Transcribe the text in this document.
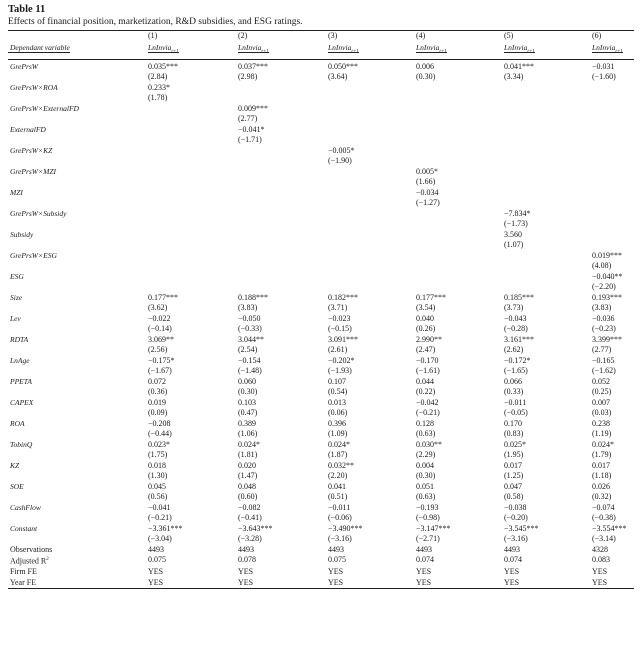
Table 11
Effects of financial position, marketization, R&D subsidies, and ESG ratings.
	(1)	(2)	(3)	(4)	(5)	(6)
Dependant variable	LnInvia$_{t+1}$	LnInvia$_{t+1}$	LnInvia$_{t+1}$	LnInvia$_{t+1}$	LnInvia$_{t+1}$	LnInvia$_{t+1}$

GrePrsW	0.035***	0.037***	0.050***	0.006	0.041***	−0.031
	(2.84)	(2.98)	(3.64)	(0.30)	(3.34)	(−1.60)
GrePrsW×ROA	0.233*					
	(1.78)					
GrePrsW×ExternalFD		0.009***				
		(2.77)				
ExternalFD		−0.041*				
		(−1.71)				
GrePrsW×KZ			−0.005*			
			(−1.90)			
GrePrsW×MZI				0.005*		
				(1.66)		
MZI				−0.034		
				(−1.27)		
GrePrsW×Subsidy					−7.834*	
					(−1.73)	
Subsidy					3.560	
					(1.07)	
GrePrsW×ESG						0.019***
						(4.08)
ESG						−0.040**
						(−2.20)
Size	0.177***	0.188***	0.182***	0.177***	0.185***	0.193***
	(3.62)	(3.83)	(3.71)	(3.54)	(3.73)	(3.83)
Lev	−0.022	−0.050	−0.023	0.040	−0.043	−0.036
	(−0.14)	(−0.33)	(−0.15)	(0.26)	(−0.28)	(−0.23)
RDTA	3.069**	3.044**	3.091***	2.990**	3.161***	3.399***
	(2.56)	(2.54)	(2.61)	(2.47)	(2.62)	(2.77)
LnAge	−0.175*	−0.154	−0.202*	−0.170	−0.172*	−0.165
	(−1.67)	(−1.48)	(−1.93)	(−1.61)	(−1.65)	(−1.62)
PPETA	0.072	0.060	0.107	0.044	0.066	0.052
	(0.36)	(0.30)	(0.54)	(0.22)	(0.33)	(0.25)
CAPEX	0.019	0.103	0.013	−0.042	−0.011	0.007
	(0.09)	(0.47)	(0.06)	(−0.21)	(−0.05)	(0.03)
ROA	−0.208	0.389	0.396	0.128	0.170	0.238
	(−0.44)	(1.06)	(1.09)	(0.63)	(0.83)	(1.19)
TobinQ	0.023*	0.024*	0.024*	0.030**	0.025*	0.024*
	(1.75)	(1.81)	(1.87)	(2.29)	(1.95)	(1.79)
KZ	0.018	0.020	0.032**	0.004	0.017	0.017
	(1.30)	(1.47)	(2.20)	(0.30)	(1.25)	(1.18)
SOE	0.045	0.048	0.041	0.051	0.047	0.026
	(0.56)	(0.60)	(0.51)	(0.63)	(0.58)	(0.32)
CashFlow	−0.041	−0.082	−0.011	−0.193	−0.038	−0.074
	(−0.21)	(−0.41)	(−0.06)	(−0.98)	(−0.20)	(−0.38)
Constant	−3.361***	−3.643***	−3.490***	−3.147***	−3.545***	−3.554***
	(−3.04)	(−3.28)	(−3.16)	(−2.71)	(−3.16)	(−3.14)
Observations	4493	4493	4493	4493	4493	4328
Adjusted $R^2$	0.075	0.078	0.075	0.074	0.074	0.083
Firm FE	YES	YES	YES	YES	YES	YES
Year FE	YES	YES	YES	YES	YES	YES
